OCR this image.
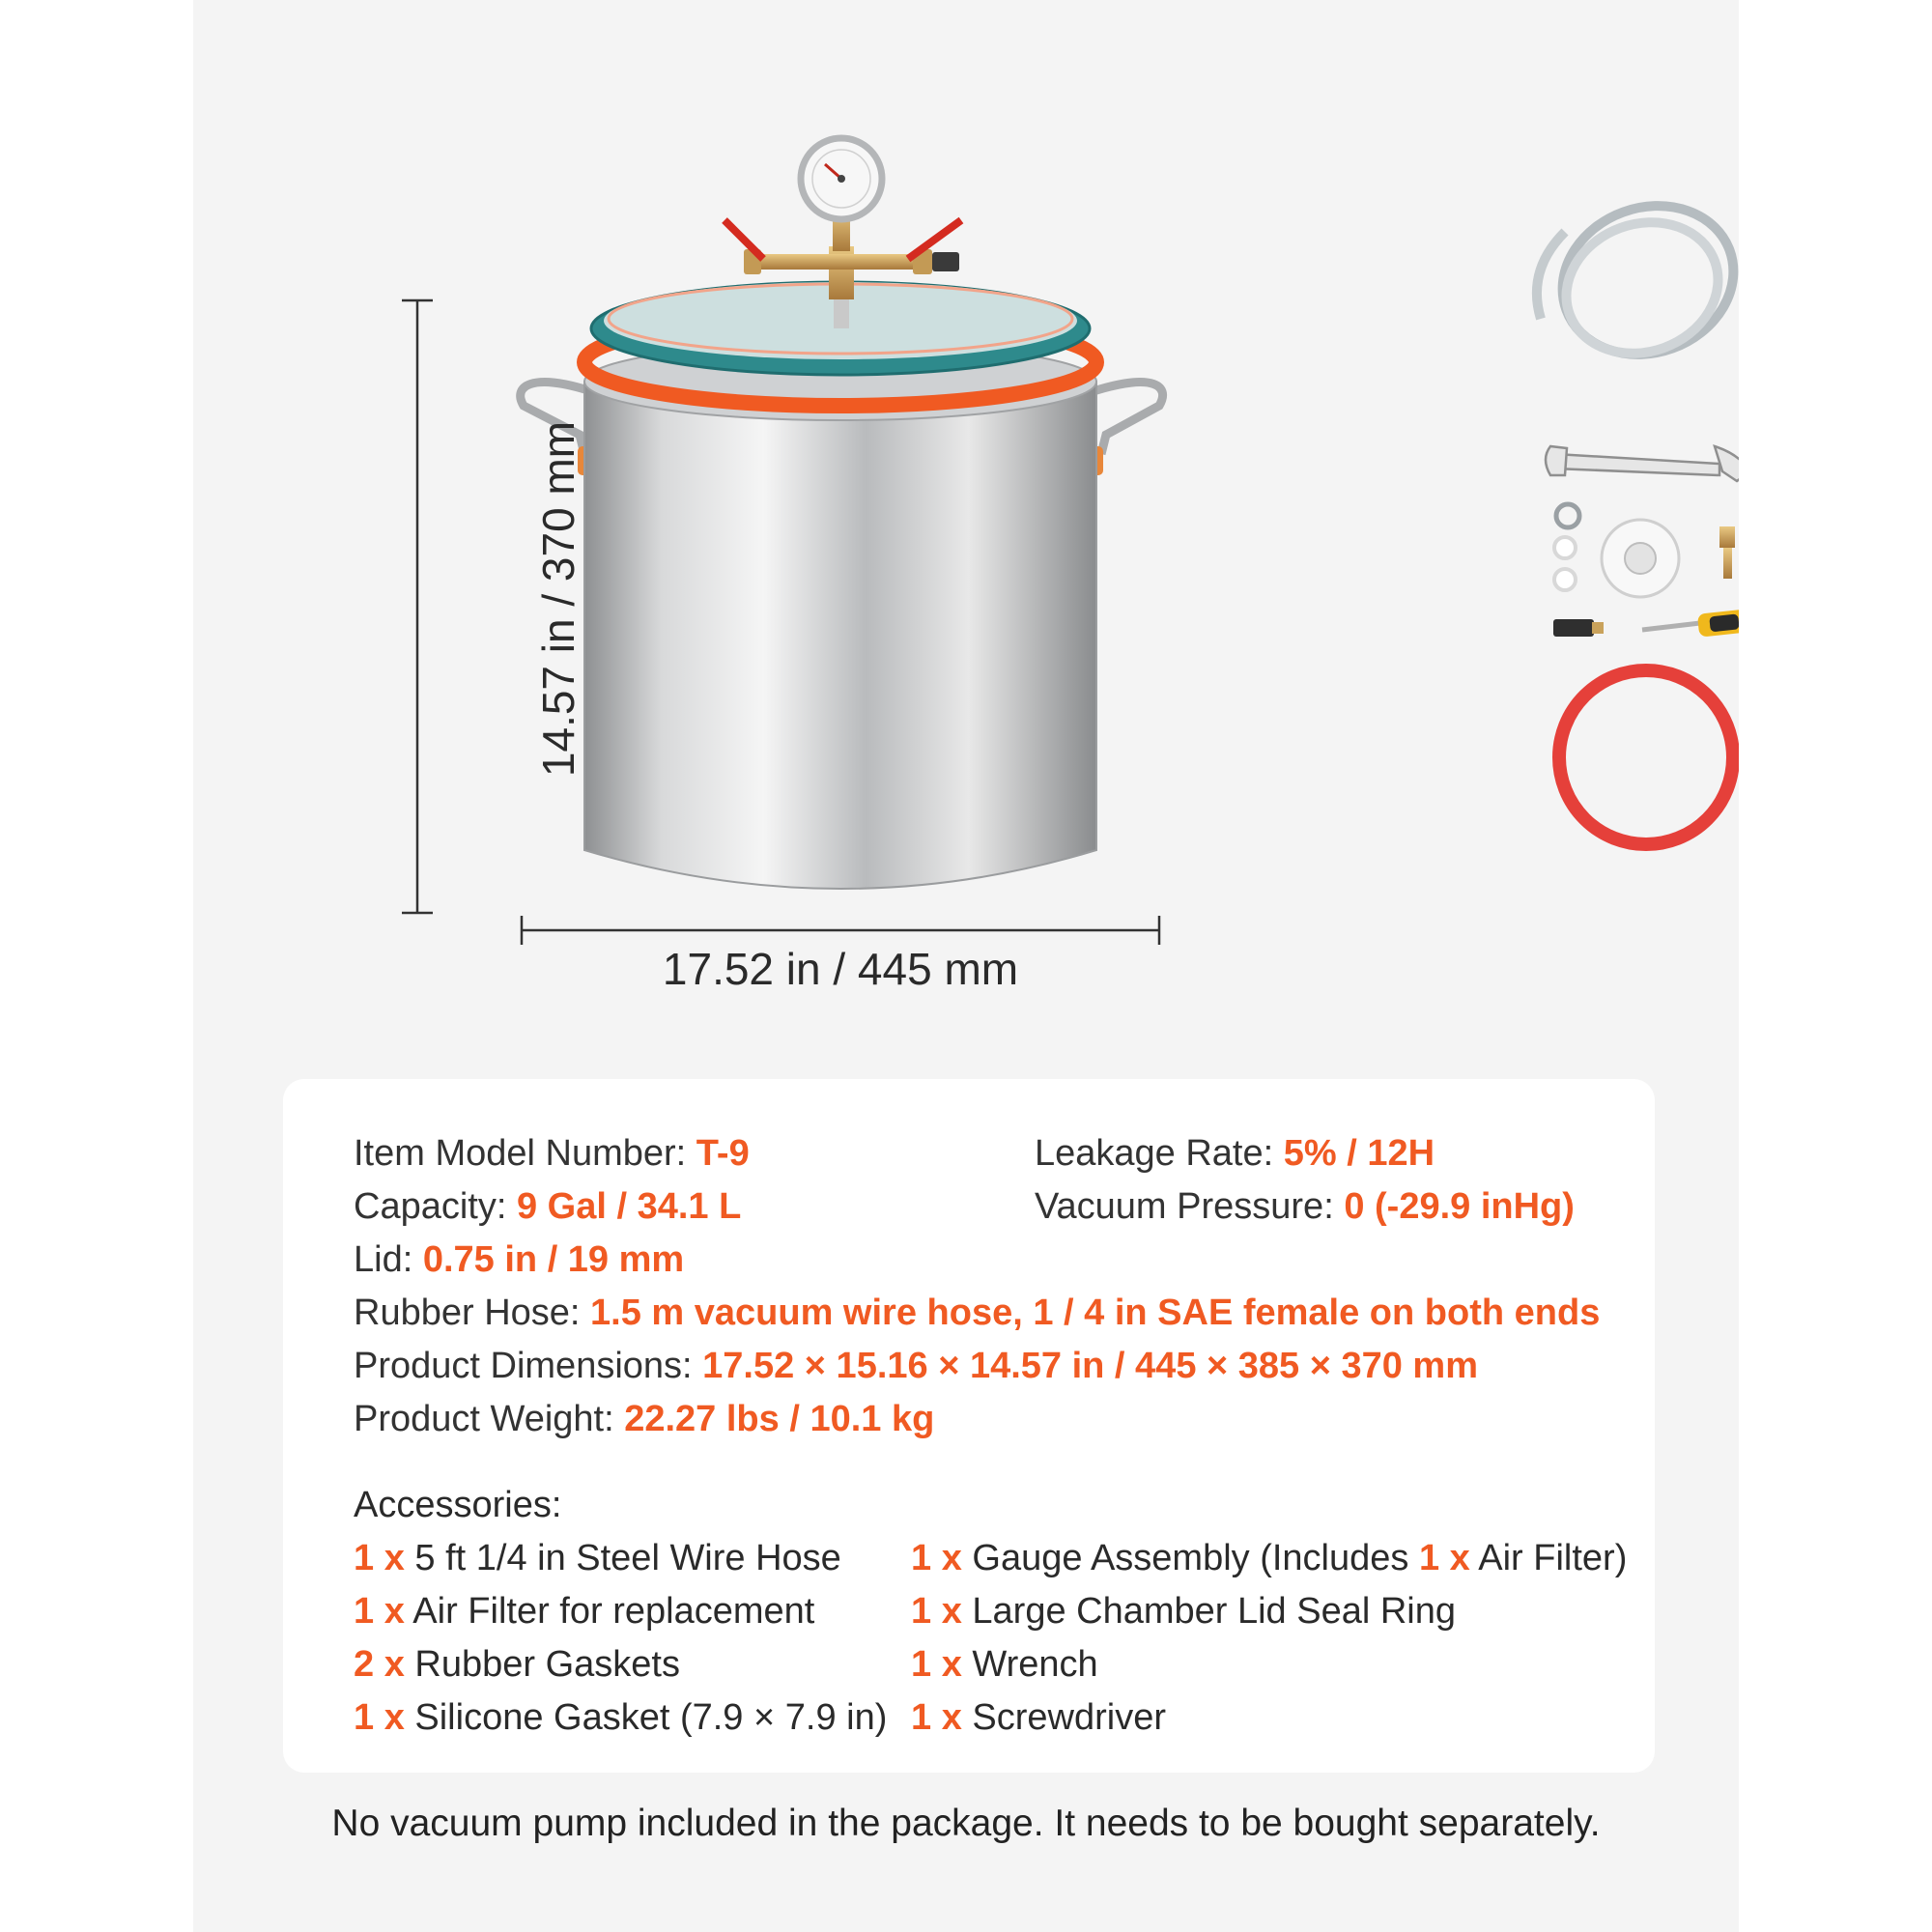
14.57 in / 370 mm
17.52 in / 445 mm
Item Model Number: T-9
Capacity: 9 Gal / 34.1 L
Lid: 0.75 in / 19 mm
Rubber Hose: 1.5 m vacuum wire hose, 1 / 4 in SAE female on both ends
Product Dimensions: 17.52 × 15.16 × 14.57 in / 445 × 385 × 370 mm
Product Weight: 22.27 lbs / 10.1 kg
Leakage Rate: 5% / 12H
Vacuum Pressure: 0 (-29.9 inHg)
Accessories:
1 x 5 ft 1/4 in Steel Wire Hose
1 x Air Filter for replacement
2 x Rubber Gaskets
1 x Silicone Gasket (7.9 × 7.9 in)
1 x Gauge Assembly (Includes 1 x Air Filter)
1 x Large Chamber Lid Seal Ring
1 x Wrench
1 x Screwdriver
No vacuum pump included in the package. It needs to be bought separately.
